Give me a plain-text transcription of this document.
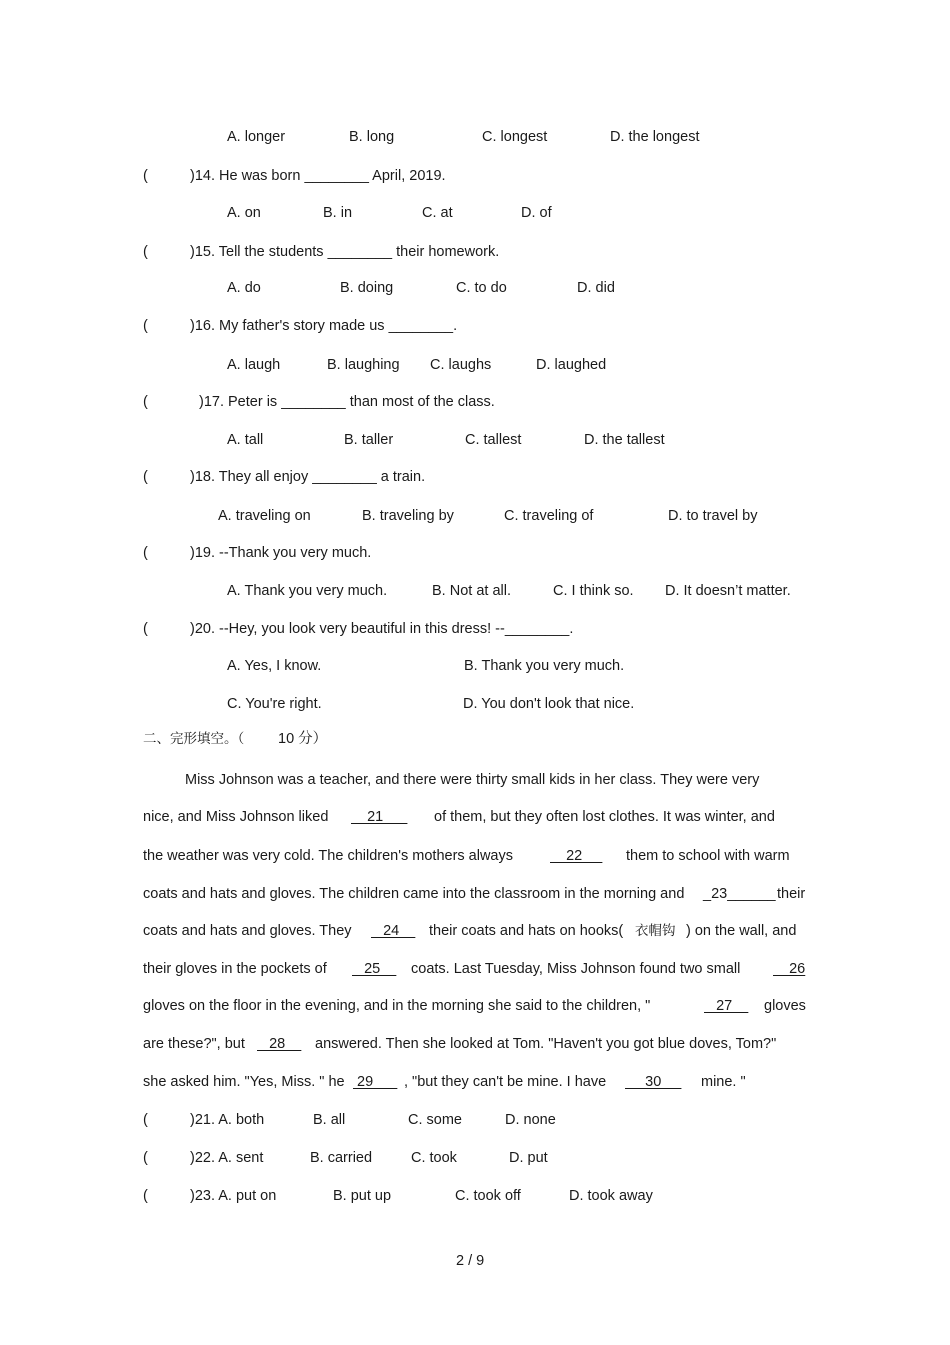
A. longer	B. long	C. longest	D. the longest
(	)14. He was born ________ April, 2019.
A. on	B. in	C. at	D. of
(	)15. Tell the students ________ their homework.
A. do	B. doing	C. to do	D. did
(	)16. My father's story made us ________.
A. laugh	B. laughing C. laughs	D. laughed
(	)17. Peter is ________ than most of the class.
A. tall	B. taller	C. tallest	D. the tallest
(	)18. They all enjoy ________ a train.
A. traveling on	B. traveling by	C. traveling of	D. to travel by
(	)19. --Thank you very much.
A. Thank you very much.	B. Not at all.	C. I think so. D. It doesn’t matter.
(	)20. --Hey, you look very beautiful in this dress! --________.
A. Yes, I know.	B. Thank you very much.
C. You're right.	D. You don't look that nice.
二、完形填空。（ 10 分）
Miss Johnson was a teacher, and there were thirty small kids in her class. They were very
nice, and Miss Johnson liked 21 of them, but they often lost clothes. It was winter, and
the weather was very cold. The children's mothers always	22 them to school with warm
coats and hats and gloves. The children came into the classroom in the morning and _23______ their
coats and hats and gloves. They 24 their coats and hats on hooks( 衣帽钩 ) on the wall, and
their gloves in the pockets of 25 coats. Last Tuesday, Miss Johnson found two small 26
gloves on the floor in the evening, and in the morning she said to the children, "	27 gloves
are these?", but 28 answered. Then she looked at Tom. "Haven't you got blue doves, Tom?"
she asked him. "Yes, Miss. " he 29 , "but they can't be mine. I have 30 mine. "
(	)21. A. both	B. all	C. some	D. none
(	)22. A. sent	B. carried	C. took	D. put
(	)23. A. put on	B. put up	C. took off	D. took away
2 / 9
